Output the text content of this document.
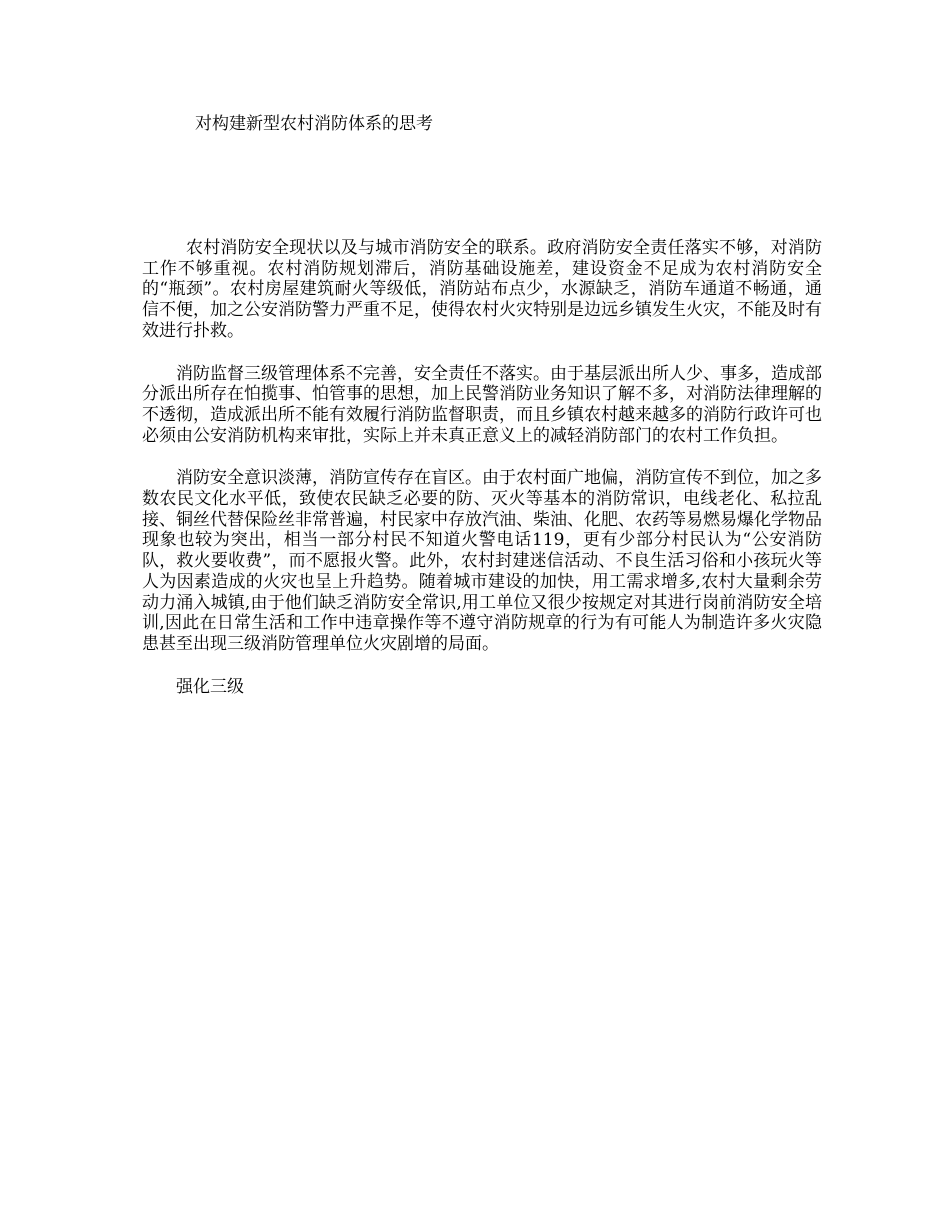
对构建新型农村消防体系的思考

农村消防安全现状以及与城市消防安全的联系。政府消防安全责任落实不够，对消防工作不够重视。农村消防规划滞后，消防基础设施差，建设资金不足成为农村消防安全的“瓶颈”。农村房屋建筑耐火等级低，消防站布点少，水源缺乏，消防车通道不畅通，通信不便，加之公安消防警力严重不足，使得农村火灾特别是边远乡镇发生火灾，不能及时有效进行扑救。

消防监督三级管理体系不完善，安全责任不落实。由于基层派出所人少、事多，造成部分派出所存在怕揽事、怕管事的思想，加上民警消防业务知识了解不多，对消防法律理解的不透彻，造成派出所不能有效履行消防监督职责，而且乡镇农村越来越多的消防行政许可也必须由公安消防机构来审批，实际上并未真正意义上的减轻消防部门的农村工作负担。

消防安全意识淡薄，消防宣传存在盲区。由于农村面广地偏，消防宣传不到位，加之多数农民文化水平低，致使农民缺乏必要的防、灭火等基本的消防常识，电线老化、私拉乱接、铜丝代替保险丝非常普遍，村民家中存放汽油、柴油、化肥、农药等易燃易爆化学物品现象也较为突出，相当一部分村民不知道火警电话119，更有少部分村民认为“公安消防队，救火要收费”，而不愿报火警。此外，农村封建迷信活动、不良生活习俗和小孩玩火等人为因素造成的火灾也呈上升趋势。随着城市建设的加快，用工需求增多,农村大量剩余劳动力涌入城镇,由于他们缺乏消防安全常识,用工单位又很少按规定对其进行岗前消防安全培训,因此在日常生活和工作中违章操作等不遵守消防规章的行为有可能人为制造许多火灾隐患甚至出现三级消防管理单位火灾剧增的局面。

强化三级
